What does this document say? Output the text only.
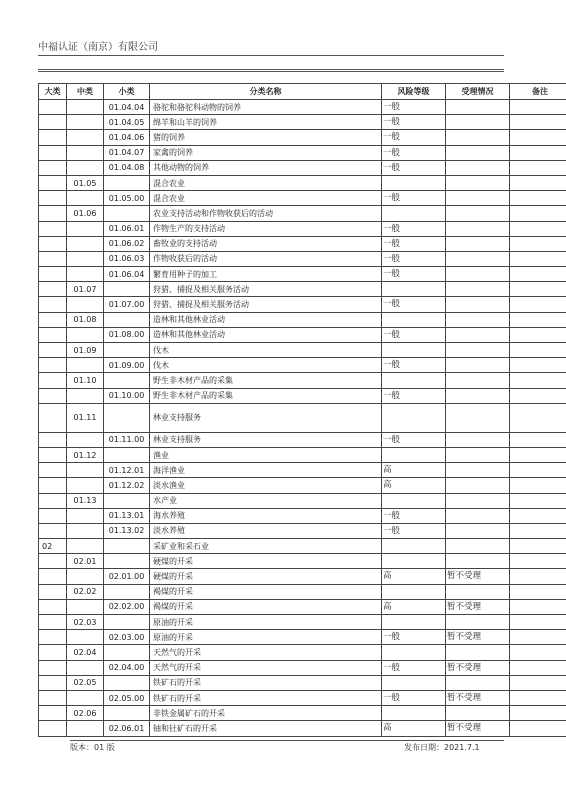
中福认证（南京）有限公司
大类	中类	小类	分类名称	风险等级	受理情况	备注
		01.04.04	骆驼和骆驼科动物的饲养	一般		
		01.04.05	绵羊和山羊的饲养	一般		
		01.04.06	猪的饲养	一般		
		01.04.07	家禽的饲养	一般		
		01.04.08	其他动物的饲养	一般		
	01.05		混合农业			
		01.05.00	混合农业	一般		
	01.06		农业支持活动和作物收获后的活动			
		01.06.01	作物生产的支持活动	一般		
		01.06.02	畜牧业的支持活动	一般		
		01.06.03	作物收获后的活动	一般		
		01.06.04	繁育用种子的加工	一般		
	01.07		狩猎、捕捉及相关服务活动			
		01.07.00	狩猎、捕捉及相关服务活动	一般		
	01.08		造林和其他林业活动			
		01.08.00	造林和其他林业活动	一般		
	01.09		伐木			
		01.09.00	伐木	一般		
	01.10		野生非木材产品的采集			
		01.10.00	野生非木材产品的采集	一般		
	01.11		林业支持服务			
		01.11.00	林业支持服务	一般		
	01.12		渔业			
		01.12.01	海洋渔业	高		
		01.12.02	淡水渔业	高		
	01.13		水产业			
		01.13.01	海水养殖	一般		
		01.13.02	淡水养殖	一般		
02			采矿业和采石业			
	02.01		硬煤的开采			
		02.01.00	硬煤的开采	高	暂不受理	
	02.02		褐煤的开采			
		02.02.00	褐煤的开采	高	暂不受理	
	02.03		原油的开采			
		02.03.00	原油的开采	一般	暂不受理	
	02.04		天然气的开采			
		02.04.00	天然气的开采	一般	暂不受理	
	02.05		铁矿石的开采			
		02.05.00	铁矿石的开采	一般	暂不受理	
	02.06		非铁金属矿石的开采			
		02.06.01	铀和钍矿石的开采	高	暂不受理	
版本：01 版	发布日期：2021.7.1
